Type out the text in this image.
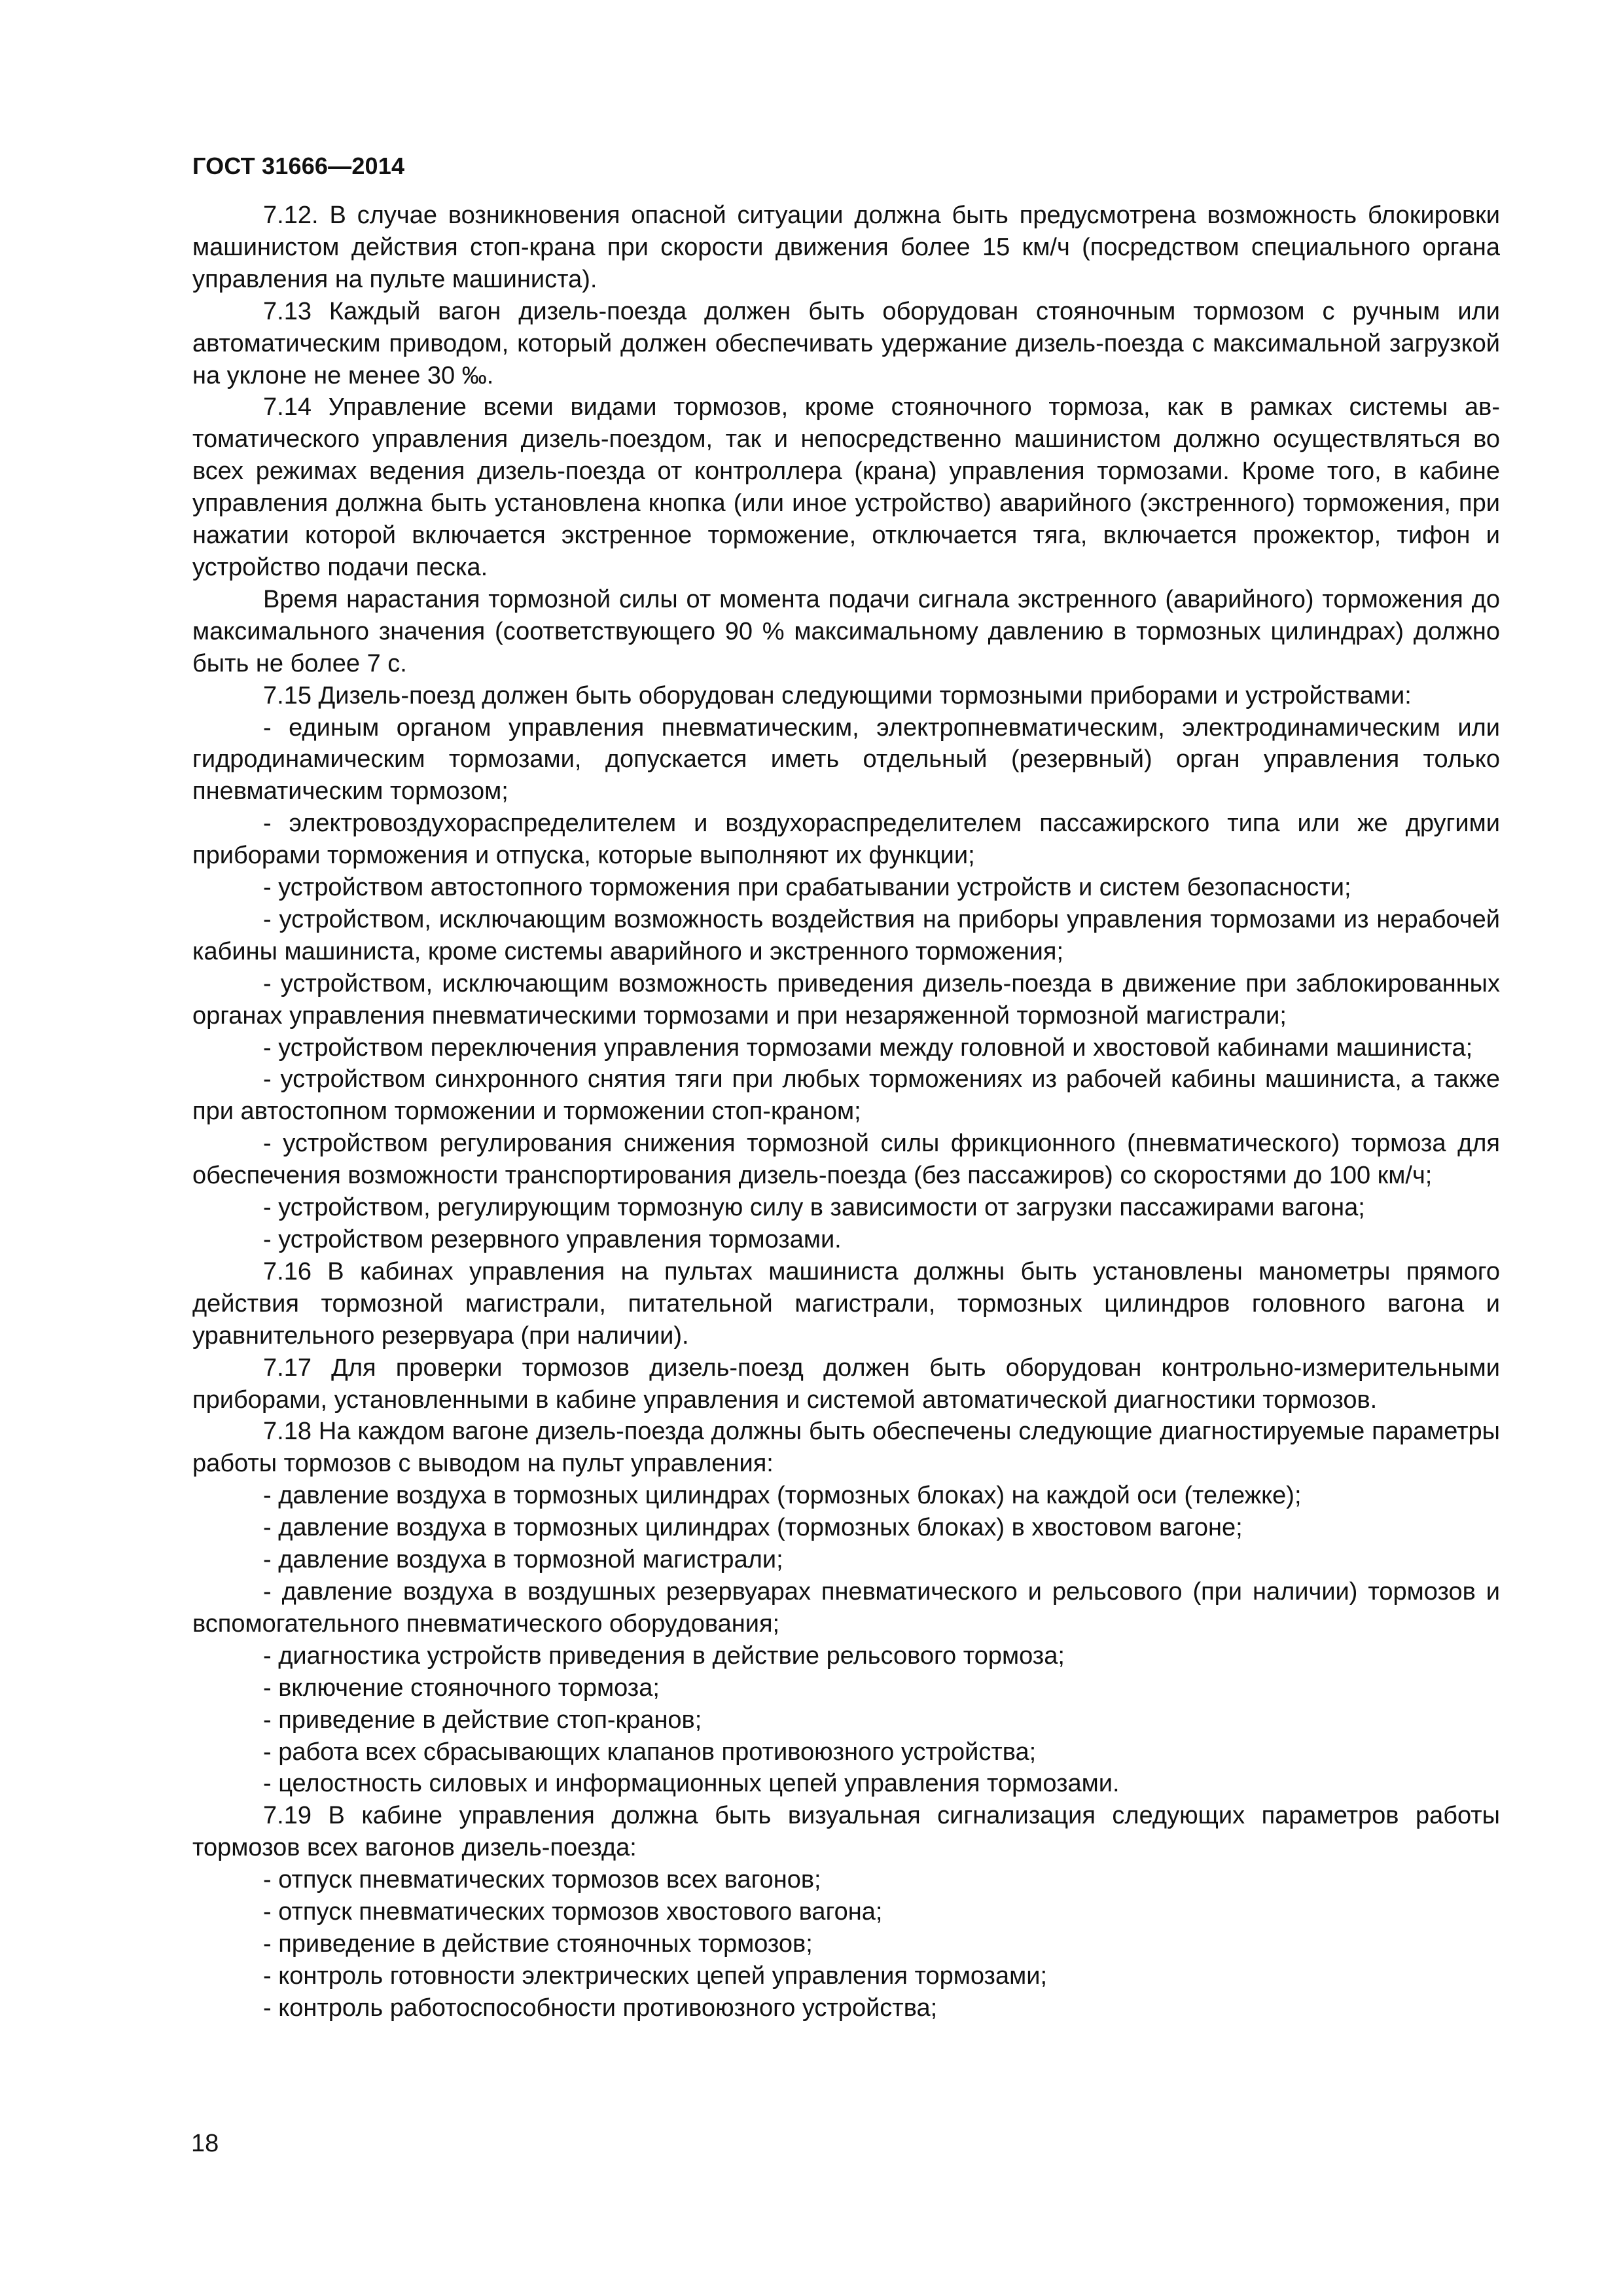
ГОСТ 31666—2014

7.12. В случае возникновения опасной ситуации должна быть предусмотрена возможность блокировки машинистом действия стоп-крана при скорости движения более 15 км/ч (посредством специального органа управления на пульте машиниста).

7.13 Каждый вагон дизель-поезда должен быть оборудован стояночным тормозом с ручным или автоматическим приводом, который должен обеспечивать удержание дизель-поезда с максимальной загрузкой на уклоне не менее 30 ‰.

7.14 Управление всеми видами тормозов, кроме стояночного тормоза, как в рамках системы автоматического управления дизель-поездом, так и непосредственно машинистом должно осуществляться во всех режимах ведения дизель-поезда от контроллера (крана) управления тормозами. Кроме того, в кабине управления должна быть установлена кнопка (или иное устройство) аварийного (экстренного) торможения, при нажатии которой включается экстренное торможение, отключается тяга, включается прожектор, тифон и устройство подачи песка.

Время нарастания тормозной силы от момента подачи сигнала экстренного (аварийного) торможения до максимального значения (соответствующего 90 % максимальному давлению в тормозных цилиндрах) должно быть не более 7 с.

7.15 Дизель-поезд должен быть оборудован следующими тормозными приборами и устройствами:

- единым органом управления пневматическим, электропневматическим, электродинамическим или гидродинамическим тормозами, допускается иметь отдельный (резервный) орган управления только пневматическим тормозом;

- электровоздухораспределителем и воздухораспределителем пассажирского типа или же другими приборами торможения и отпуска, которые выполняют их функции;

- устройством автостопного торможения при срабатывании устройств и систем безопасности;

- устройством, исключающим возможность воздействия на приборы управления тормозами из нерабочей кабины машиниста, кроме системы аварийного и экстренного торможения;

- устройством, исключающим возможность приведения дизель-поезда в движение при заблокированных органах управления пневматическими тормозами и при незаряженной тормозной магистрали;

- устройством переключения управления тормозами между головной и хвостовой кабинами машиниста;

- устройством синхронного снятия тяги при любых торможениях из рабочей кабины машиниста, а также при автостопном торможении и торможении стоп-краном;

- устройством регулирования снижения тормозной силы фрикционного (пневматического) тормоза для обеспечения возможности транспортирования дизель-поезда (без пассажиров) со скоростями до 100 км/ч;

- устройством, регулирующим тормозную силу в зависимости от загрузки пассажирами вагона;

- устройством резервного управления тормозами.

7.16 В кабинах управления на пультах машиниста должны быть установлены манометры прямого действия тормозной магистрали, питательной магистрали, тормозных цилиндров головного вагона и уравнительного резервуара (при наличии).

7.17 Для проверки тормозов дизель-поезд должен быть оборудован контрольно-измерительными приборами, установленными в кабине управления и системой автоматической диагностики тормозов.

7.18 На каждом вагоне дизель-поезда должны быть обеспечены следующие диагностируемые параметры работы тормозов с выводом на пульт управления:

- давление воздуха в тормозных цилиндрах (тормозных блоках) на каждой оси (тележке);

- давление воздуха в тормозных цилиндрах (тормозных блоках) в хвостовом вагоне;

- давление воздуха в тормозной магистрали;

- давление воздуха в воздушных резервуарах пневматического и рельсового (при наличии) тормозов и вспомогательного пневматического оборудования;

- диагностика устройств приведения в действие рельсового тормоза;

- включение стояночного тормоза;

- приведение в действие стоп-кранов;

- работа всех сбрасывающих клапанов противоюзного устройства;

- целостность силовых и информационных цепей управления тормозами.

7.19 В кабине управления должна быть визуальная сигнализация следующих параметров работы тормозов всех вагонов дизель-поезда:

- отпуск пневматических тормозов всех вагонов;

- отпуск пневматических тормозов хвостового вагона;

- приведение в действие стояночных тормозов;

- контроль готовности электрических цепей управления тормозами;

- контроль работоспособности противоюзного устройства;

18
